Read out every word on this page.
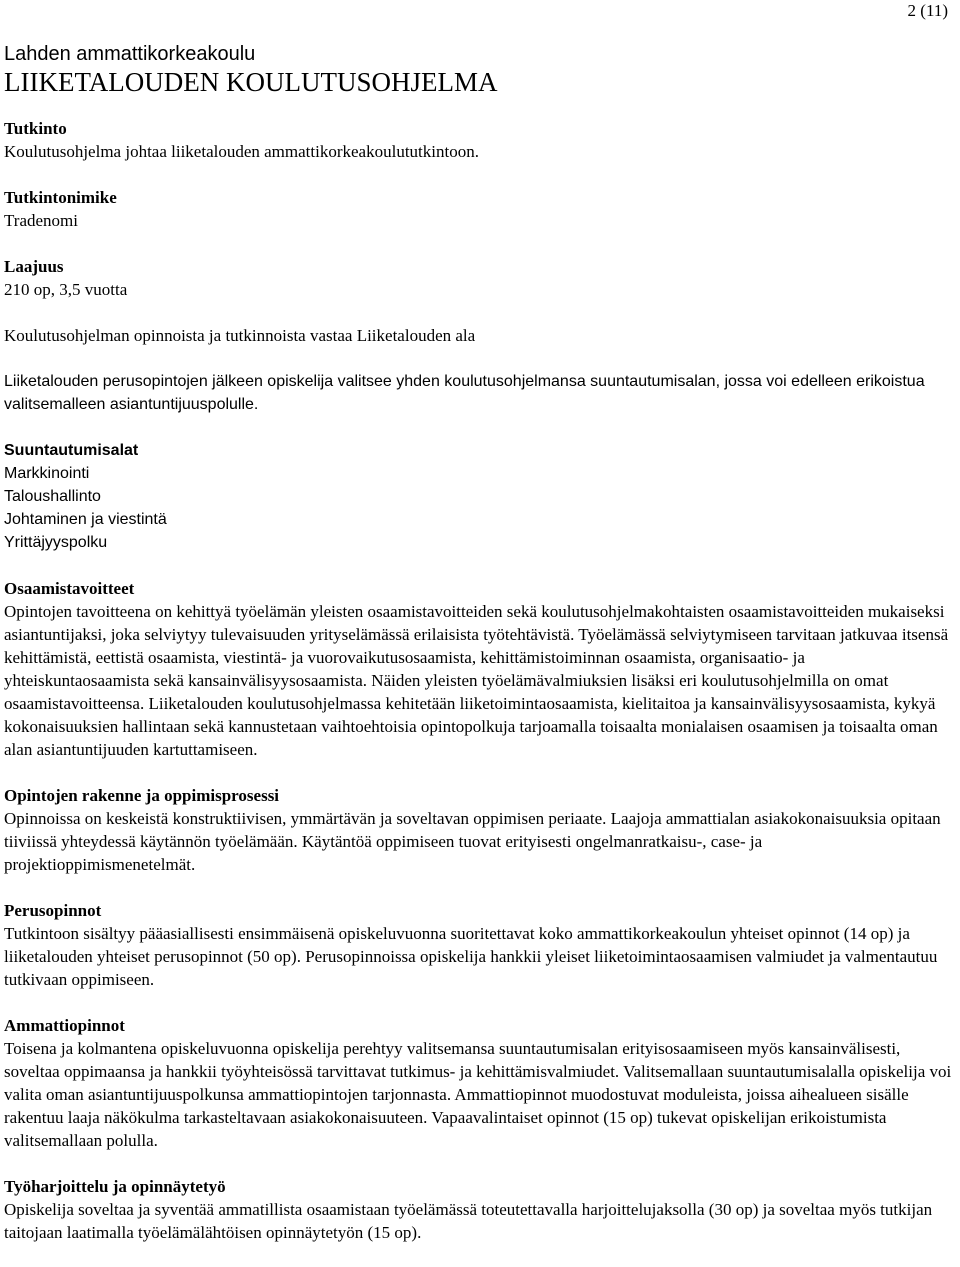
2 (11)
Lahden ammattikorkeakoulu
LIIKETALOUDEN KOULUTUSOHJELMA
Tutkinto

Koulutusohjelma johtaa liiketalouden ammattikorkeakoulututkintoon.

Tutkintonimike

Tradenomi

Laajuus

210 op, 3,5 vuotta

Koulutusohjelman opinnoista ja tutkinnoista vastaa Liiketalouden ala

Liiketalouden perusopintojen jälkeen opiskelija valitsee yhden koulutusohjelmansa suuntautumisalan, jossa voi edelleen erikoistua valitsemalleen asiantuntijuuspolulle.

Suuntautumisalat

Markkinointi
Taloushallinto
Johtaminen ja viestintä
Yrittäjyyspolku

Osaamistavoitteet

Opintojen tavoitteena on kehittyä työelämän yleisten osaamistavoitteiden sekä koulutusohjelmakohtaisten osaamistavoitteiden mukaiseksi asiantuntijaksi, joka selviytyy tulevaisuuden yrityselämässä erilaisista työtehtävistä. Työelämässä selviytymiseen tarvitaan jatkuvaa itsensä kehittämistä, eettistä osaamista, viestintä- ja vuorovaikutusosaamista, kehittämistoiminnan osaamista, organisaatio- ja yhteiskuntaosaamista sekä kansainvälisyysosaamista. Näiden yleisten työelämävalmiuksien lisäksi eri koulutusohjelmilla on omat osaamistavoitteensa. Liiketalouden koulutusohjelmassa kehitetään liiketoimintaosaamista, kielitaitoa ja kansainvälisyysosaamista, kykyä kokonaisuuksien hallintaan sekä kannustetaan vaihtoehtoisia opintopolkuja tarjoamalla toisaalta monialaisen osaamisen ja toisaalta oman alan asiantuntijuuden kartuttamiseen.

Opintojen rakenne ja oppimisprosessi

Opinnoissa on keskeistä konstruktiivisen, ymmärtävän ja soveltavan oppimisen periaate. Laajoja ammattialan asiakokonaisuuksia opitaan tiiviissä yhteydessä käytännön työelämään. Käytäntöä oppimiseen tuovat erityisesti ongelmanratkaisu-, case- ja projektioppimismenetelmät.

Perusopinnot

Tutkintoon sisältyy pääasiallisesti ensimmäisenä opiskeluvuonna suoritettavat koko ammattikorkeakoulun yhteiset opinnot (14 op) ja liiketalouden yhteiset perusopinnot (50 op). Perusopinnoissa opiskelija hankkii yleiset liiketoimintaosaamisen valmiudet ja valmentautuu tutkivaan oppimiseen.

Ammattiopinnot

Toisena ja kolmantena opiskeluvuonna opiskelija perehtyy valitsemansa suuntautumisalan erityisosaamiseen myös kansainvälisesti, soveltaa oppimaansa ja hankkii työyhteisössä tarvittavat tutkimus- ja kehittämisvalmiudet. Valitsemallaan suuntautumisalalla opiskelija voi valita oman asiantuntijuuspolkunsa ammattiopintojen tarjonnasta. Ammattiopinnot muodostuvat moduleista, joissa aihealueen sisälle rakentuu laaja näkökulma tarkasteltavaan asiakokonaisuuteen. Vapaavalintaiset opinnot (15 op) tukevat opiskelijan erikoistumista valitsemallaan polulla.

Työharjoittelu ja opinnäytetyö

Opiskelija soveltaa ja syventää ammatillista osaamistaan työelämässä toteutettavalla harjoittelujaksolla (30 op) ja soveltaa myös tutkijan taitojaan laatimalla työelämälähtöisen opinnäytetyön (15 op).
